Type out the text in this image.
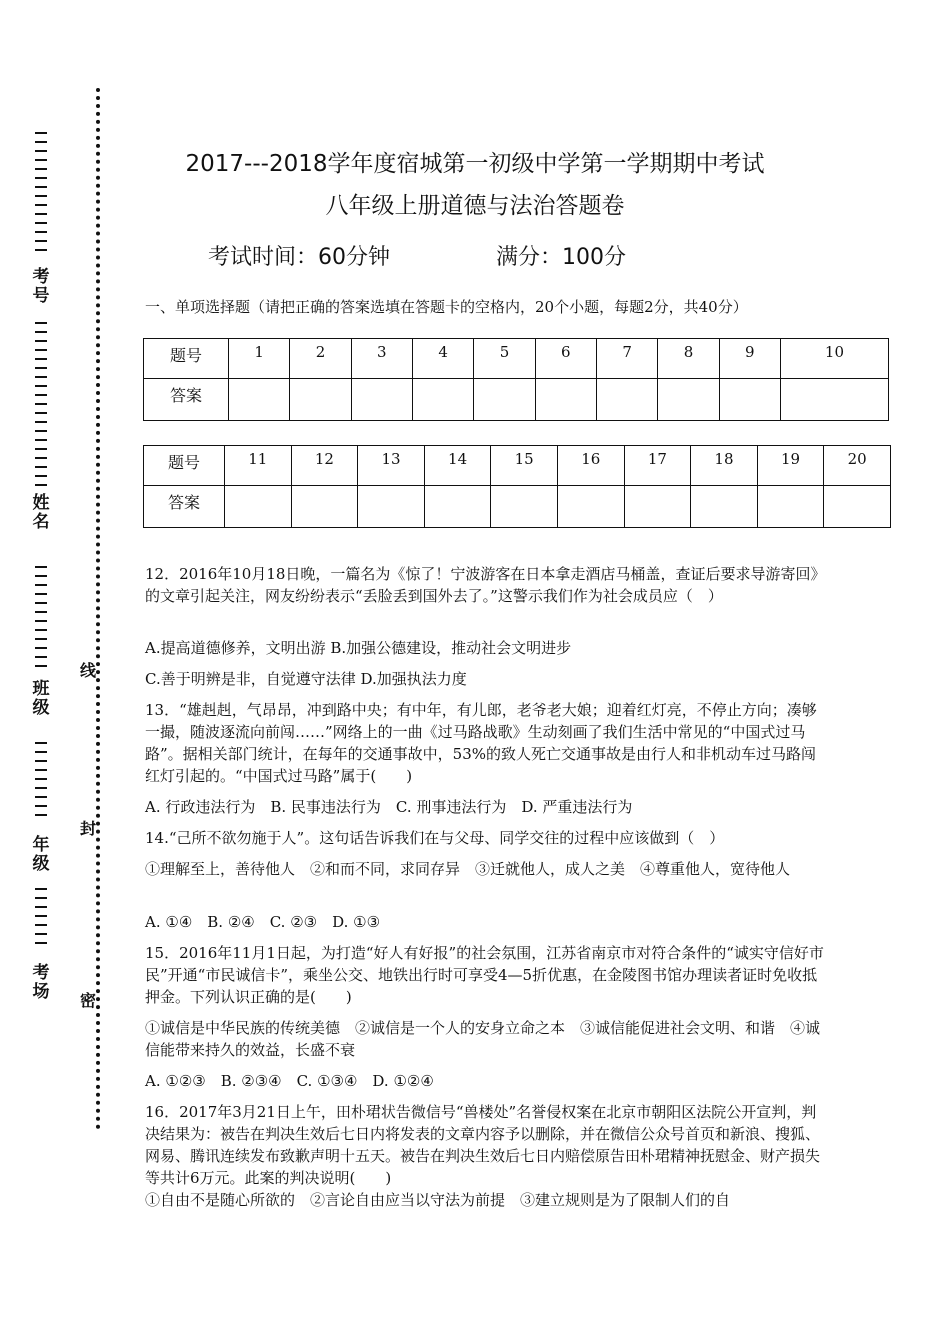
考号
姓名
班级
年级
考场
线
封
密
2017---2018学年度宿城第一初级中学第一学期期中考试
八年级上册道德与法治答题卷
考试时间：60分钟	满分：100分
一、单项选择题（请把正确的答案选填在答题卡的空格内，20个小题，每题2分，共40分）
题号	1	2	3	4	5	6	7	8	9	10
答案										
题号	11	12	13	14	15	16	17	18	19	20
答案										
12．2016年10月18日晚，一篇名为《惊了！宁波游客在日本拿走酒店马桶盖，查证后要求导游寄回》的文章引起关注，网友纷纷表示“丢脸丢到国外去了。”这警示我们作为社会成员应（　）
A.提高道德修养，文明出游 B.加强公德建设，推动社会文明进步
C.善于明辨是非，自觉遵守法律 D.加强执法力度
13．“雄赳赳，气昂昂，冲到路中央；有中年，有儿郎，老爷老大娘；迎着红灯亮，不停止方向；凑够一撮，随波逐流向前闯……”网络上的一曲《过马路战歌》生动刻画了我们生活中常见的“中国式过马路”。据相关部门统计，在每年的交通事故中，53%的致人死亡交通事故是由行人和非机动车过马路闯红灯引起的。“中国式过马路”属于(　　)
A. 行政违法行为　B. 民事违法行为　C. 刑事违法行为　D. 严重违法行为
14.“己所不欲勿施于人”。这句话告诉我们在与父母、同学交往的过程中应该做到（　）
①理解至上，善待他人　②和而不同，求同存异　③迁就他人，成人之美　④尊重他人，宽待他人
A. ①④　B. ②④　C. ②③　D. ①③
15．2016年11月1日起，为打造“好人有好报”的社会氛围，江苏省南京市对符合条件的“诚实守信好市民”开通“市民诚信卡”，乘坐公交、地铁出行时可享受4—5折优惠，在金陵图书馆办理读者证时免收抵押金。下列认识正确的是(　　)
①诚信是中华民族的传统美德　②诚信是一个人的安身立命之本　③诚信能促进社会文明、和谐　④诚信能带来持久的效益，长盛不衰
A. ①②③　B. ②③④　C. ①③④　D. ①②④
16．2017年3月21日上午，田朴珺状告微信号“兽楼处”名誉侵权案在北京市朝阳区法院公开宣判，判决结果为：被告在判决生效后七日内将发表的文章内容予以删除，并在微信公众号首页和新浪、搜狐、网易、腾讯连续发布致歉声明十五天。被告在判决生效后七日内赔偿原告田朴珺精神抚慰金、财产损失等共计6万元。此案的判决说明(　　)
①自由不是随心所欲的　②言论自由应当以守法为前提　③建立规则是为了限制人们的自
